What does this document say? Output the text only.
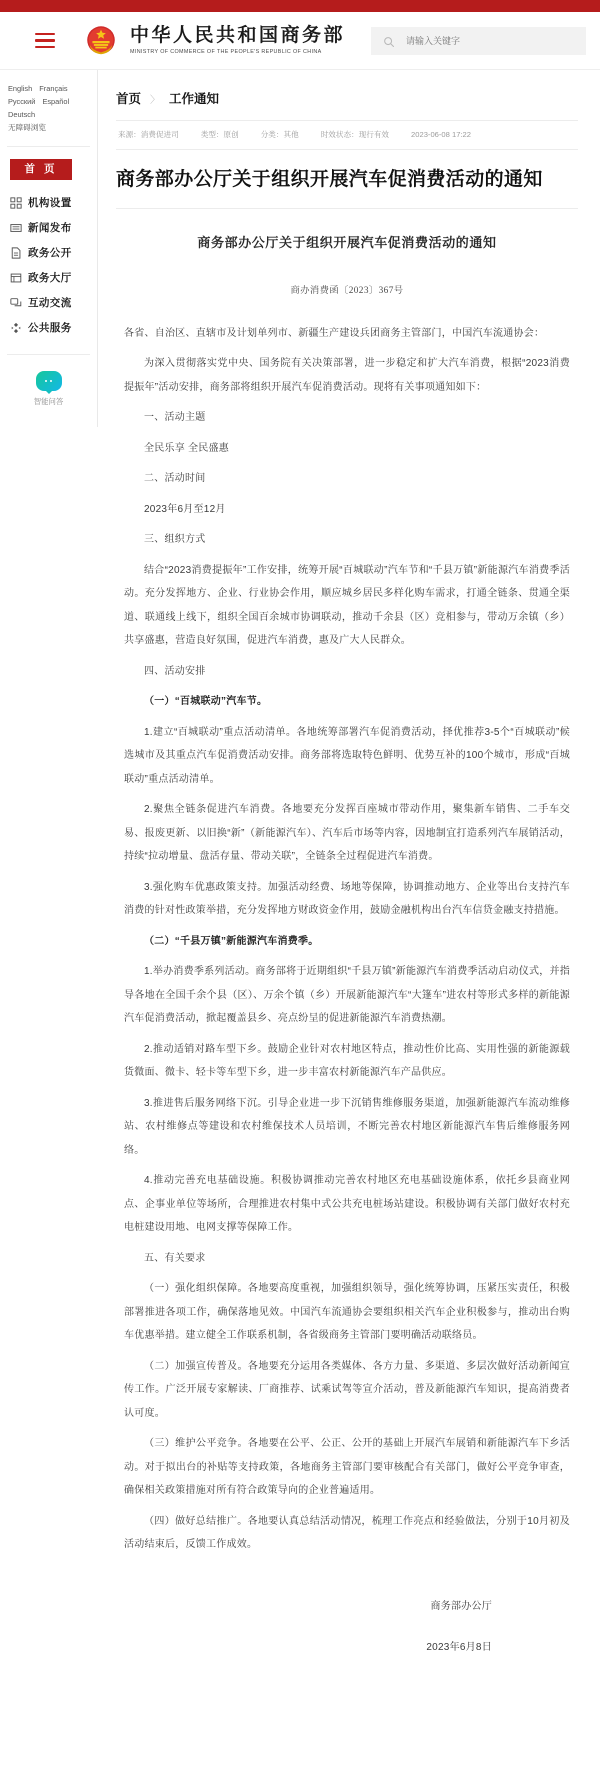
中华人民共和国商务部
MINISTRY OF COMMERCE OF THE PEOPLE'S REPUBLIC OF CHINA
请输入关键字
English Français
Русский Español
Deutsch
无障碍浏览
首 页
机构设置
新闻发布
政务公开
政务大厅
互动交流
公共服务
智能问答
首页 〉 工作通知
来源：消费促进司	类型：原创	分类：其他	时效状态：现行有效	2023-06-08 17:22
商务部办公厅关于组织开展汽车促消费活动的通知
商务部办公厅关于组织开展汽车促消费活动的通知
商办消费函〔2023〕367号

各省、自治区、直辖市及计划单列市、新疆生产建设兵团商务主管部门，中国汽车流通协会：

为深入贯彻落实党中央、国务院有关决策部署，进一步稳定和扩大汽车消费，根据“2023消费提振年”活动安排，商务部将组织开展汽车促消费活动。现将有关事项通知如下：

一、活动主题

全民乐享 全民盛惠

二、活动时间

2023年6月至12月

三、组织方式

结合“2023消费提振年”工作安排，统筹开展“百城联动”汽车节和“千县万镇”新能源汽车消费季活动。充分发挥地方、企业、行业协会作用，顺应城乡居民多样化购车需求，打通全链条、贯通全渠道、联通线上线下，组织全国百余城市协调联动，推动千余县（区）竞相参与，带动万余镇（乡）共享盛惠，营造良好氛围，促进汽车消费，惠及广大人民群众。

四、活动安排

（一）“百城联动”汽车节。

1.建立“百城联动”重点活动清单。各地统筹部署汽车促消费活动，择优推荐3-5个“百城联动”候选城市及其重点汽车促消费活动安排。商务部将选取特色鲜明、优势互补的100个城市，形成“百城联动”重点活动清单。

2.聚焦全链条促进汽车消费。各地要充分发挥百座城市带动作用，聚集新车销售、二手车交易、报废更新、以旧换“新”（新能源汽车）、汽车后市场等内容，因地制宜打造系列汽车展销活动，持续“拉动增量、盘活存量、带动关联”，全链条全过程促进汽车消费。

3.强化购车优惠政策支持。加强活动经费、场地等保障，协调推动地方、企业等出台支持汽车消费的针对性政策举措，充分发挥地方财政资金作用，鼓励金融机构出台汽车信贷金融支持措施。

（二）“千县万镇”新能源汽车消费季。

1.举办消费季系列活动。商务部将于近期组织“千县万镇”新能源汽车消费季活动启动仪式，并指导各地在全国千余个县（区）、万余个镇（乡）开展新能源汽车“大篷车”进农村等形式多样的新能源汽车促消费活动，掀起覆盖县乡、亮点纷呈的促进新能源汽车消费热潮。

2.推动适销对路车型下乡。鼓励企业针对农村地区特点，推动性价比高、实用性强的新能源载货微面、微卡、轻卡等车型下乡，进一步丰富农村新能源汽车产品供应。

3.推进售后服务网络下沉。引导企业进一步下沉销售维修服务渠道，加强新能源汽车流动维修站、农村维修点等建设和农村维保技术人员培训，不断完善农村地区新能源汽车售后维修服务网络。

4.推动完善充电基础设施。积极协调推动完善农村地区充电基础设施体系，依托乡县商业网点、企事业单位等场所，合理推进农村集中式公共充电桩场站建设。积极协调有关部门做好农村充电桩建设用地、电网支撑等保障工作。

五、有关要求

（一）强化组织保障。各地要高度重视，加强组织领导，强化统筹协调，压紧压实责任，积极部署推进各项工作，确保落地见效。中国汽车流通协会要组织相关汽车企业积极参与，推动出台购车优惠举措。建立健全工作联系机制，各省级商务主管部门要明确活动联络员。

（二）加强宣传普及。各地要充分运用各类媒体、各方力量、多渠道、多层次做好活动新闻宣传工作。广泛开展专家解读、厂商推荐、试乘试驾等宣介活动，普及新能源汽车知识，提高消费者认可度。

（三）维护公平竞争。各地要在公平、公正、公开的基础上开展汽车展销和新能源汽车下乡活动。对于拟出台的补贴等支持政策，各地商务主管部门要审核配合有关部门，做好公平竞争审查，确保相关政策措施对所有符合政策导向的企业普遍适用。

（四）做好总结推广。各地要认真总结活动情况，梳理工作亮点和经验做法，分别于10月初及活动结束后，反馈工作成效。

商务部办公厅
2023年6月8日
